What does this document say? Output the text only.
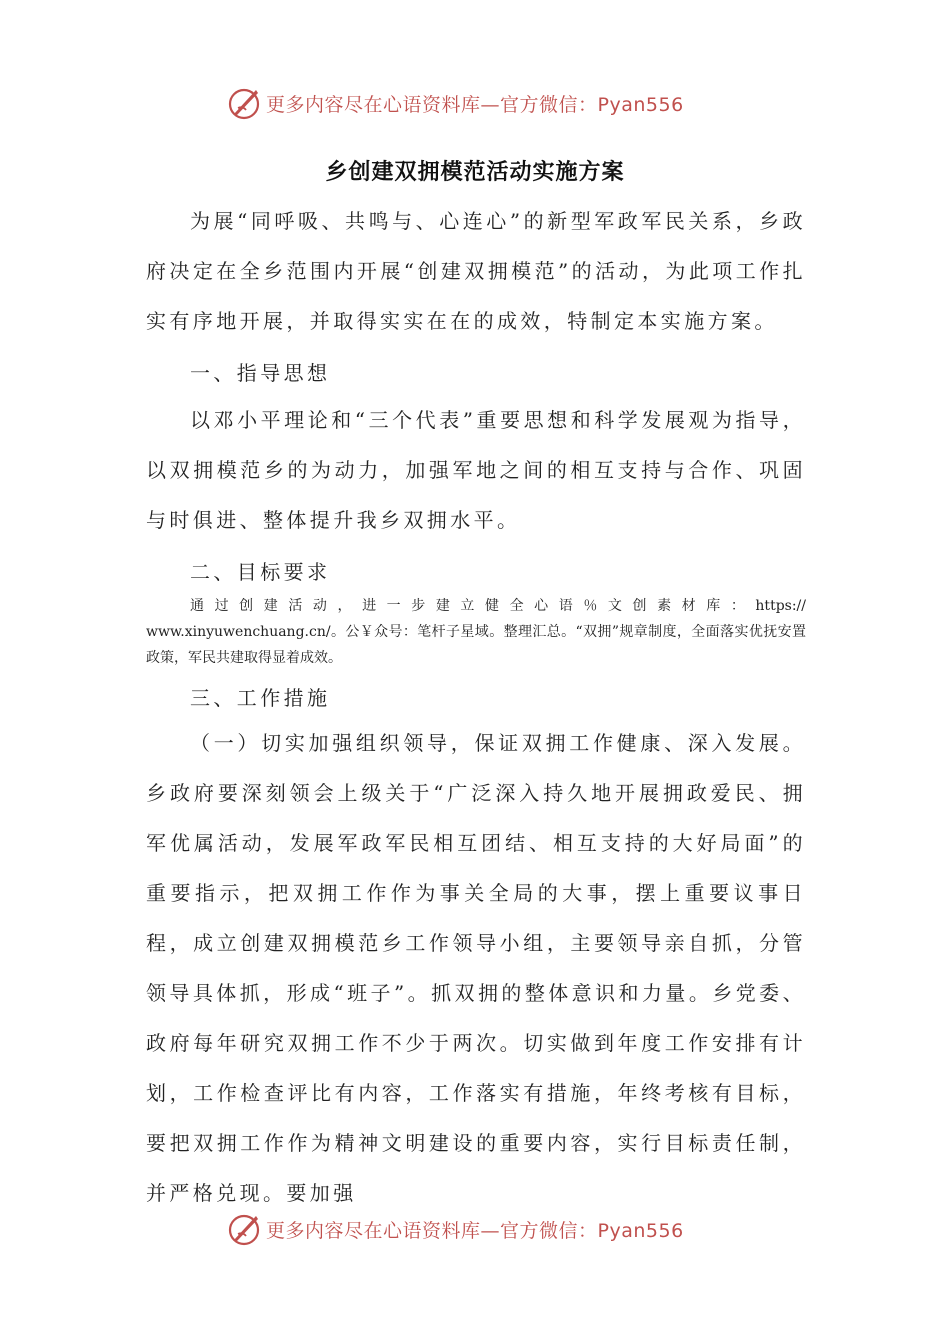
更多内容尽在心语资料库—官方微信：Pyan556
乡创建双拥模范活动实施方案

为展“同呼吸、共鸣与、心连心”的新型军政军民关系，乡政府决定在全乡范围内开展“创建双拥模范”的活动，为此项工作扎实有序地开展，并取得实实在在的成效，特制定本实施方案。

一、指导思想

以邓小平理论和“三个代表”重要思想和科学发展观为指导，以双拥模范乡的为动力，加强军地之间的相互支持与合作、巩固与时俱进、整体提升我乡双拥水平。

二、目标要求
通过创建活动，进一步建立健全心语％文创素材库：https://
www.xinyuwenchuang.cn/。公￥众号：笔杆子星域。整理汇总。“双拥”规章制度，全面落实优抚安置政策，军民共建取得显着成效。
三、工作措施

（一）切实加强组织领导，保证双拥工作健康、深入发展。乡政府要深刻领会上级关于“广泛深入持久地开展拥政爱民、拥军优属活动，发展军政军民相互团结、相互支持的大好局面”的重要指示，把双拥工作作为事关全局的大事，摆上重要议事日程，成立创建双拥模范乡工作领导小组，主要领导亲自抓，分管领导具体抓，形成“班子”。抓双拥的整体意识和力量。乡党委、政府每年研究双拥工作不少于两次。切实做到年度工作安排有计划，工作检查评比有内容，工作落实有措施，年终考核有目标，要把双拥工作作为精神文明建设的重要内容，实行目标责任制，并严格兑现。要加强

更多内容尽在心语资料库—官方微信：Pyan556
